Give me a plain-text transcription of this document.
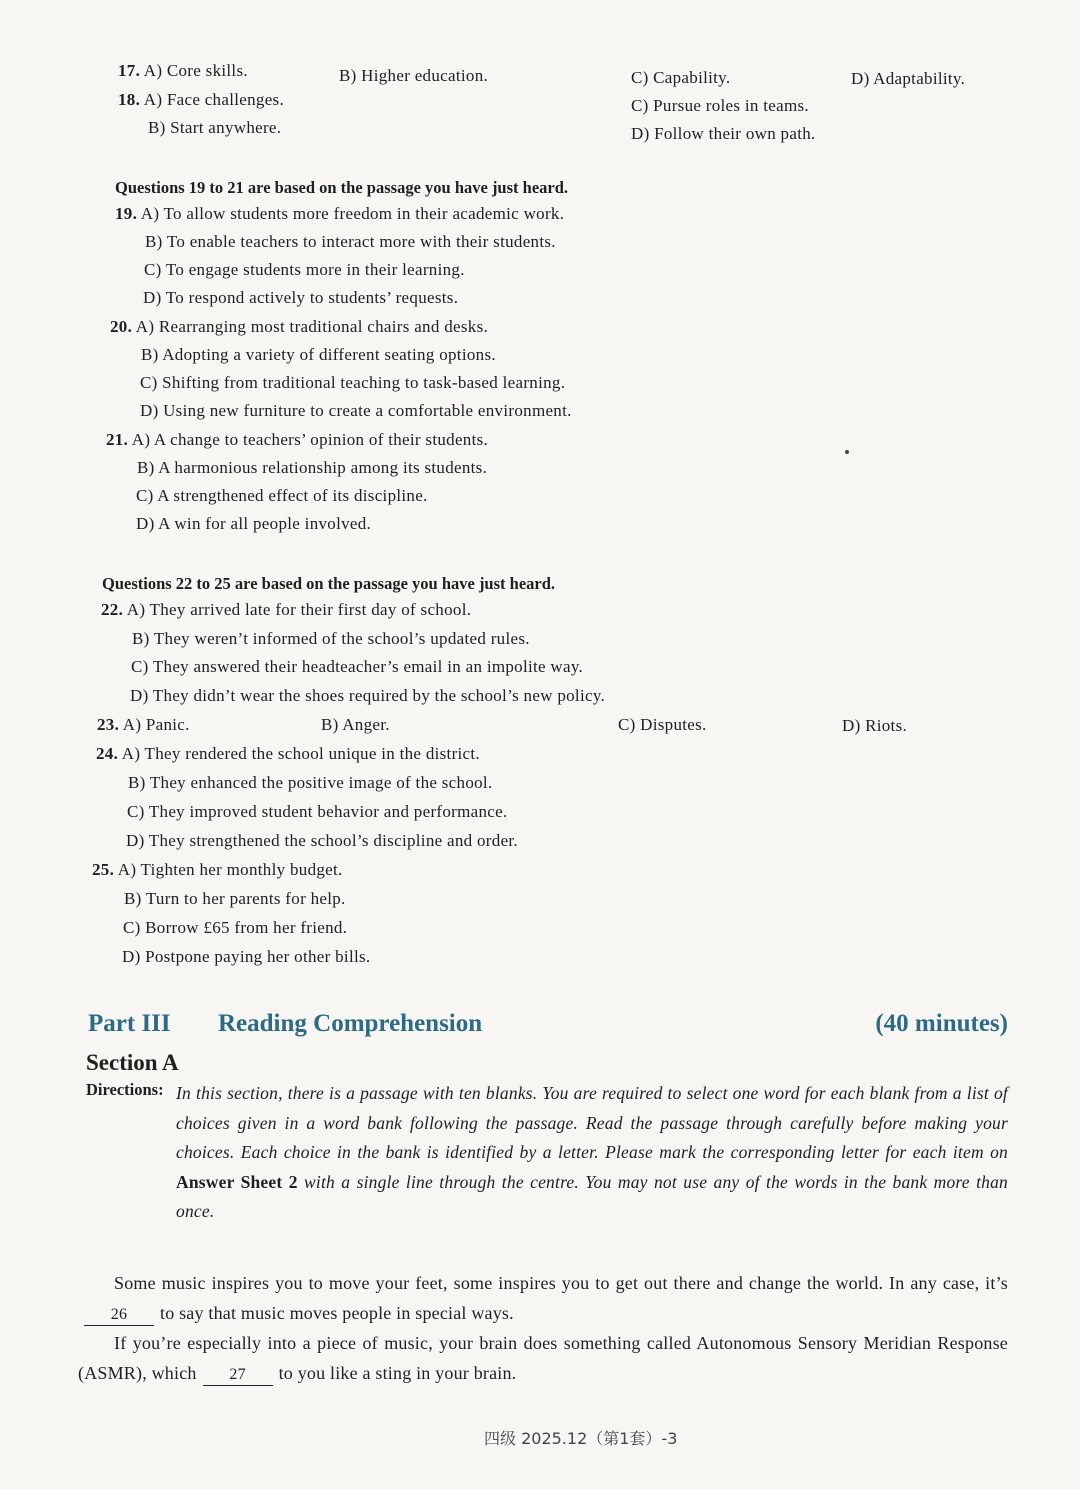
17. A) Core skills.	B) Higher education.	C) Capability.	D) Adaptability.
18. A) Face challenges.	C) Pursue roles in teams.
B) Start anywhere.	D) Follow their own path.
Questions 19 to 21 are based on the passage you have just heard.
19. A) To allow students more freedom in their academic work.
B) To enable teachers to interact more with their students.
C) To engage students more in their learning.
D) To respond actively to students’ requests.
20. A) Rearranging most traditional chairs and desks.
B) Adopting a variety of different seating options.
C) Shifting from traditional teaching to task-based learning.
D) Using new furniture to create a comfortable environment.
21. A) A change to teachers’ opinion of their students.
B) A harmonious relationship among its students.
C) A strengthened effect of its discipline.
D) A win for all people involved.
Questions 22 to 25 are based on the passage you have just heard.
22. A) They arrived late for their first day of school.
B) They weren’t informed of the school’s updated rules.
C) They answered their headteacher’s email in an impolite way.
D) They didn’t wear the shoes required by the school’s new policy.
23. A) Panic.	B) Anger.	C) Disputes.	D) Riots.
24. A) They rendered the school unique in the district.
B) They enhanced the positive image of the school.
C) They improved student behavior and performance.
D) They strengthened the school’s discipline and order.
25. A) Tighten her monthly budget.
B) Turn to her parents for help.
C) Borrow £65 from her friend.
D) Postpone paying her other bills.
Part III Reading Comprehension	(40 minutes)
Section A
Directions: In this section, there is a passage with ten blanks. You are required to select one word for each blank from a list of choices given in a word bank following the passage. Read the passage through carefully before making your choices. Each choice in the bank is identified by a letter. Please mark the corresponding letter for each item on Answer Sheet 2 with a single line through the centre. You may not use any of the words in the bank more than once.
Some music inspires you to move your feet, some inspires you to get out there and change the world. In any case, it’s26 to say that music moves people in special ways.
If you’re especially into a piece of music, your brain does something called Autonomous Sensory Meridian Response (ASMR), which 27 to you like a sting in your brain.
四级 2025.12（第1套）-3
